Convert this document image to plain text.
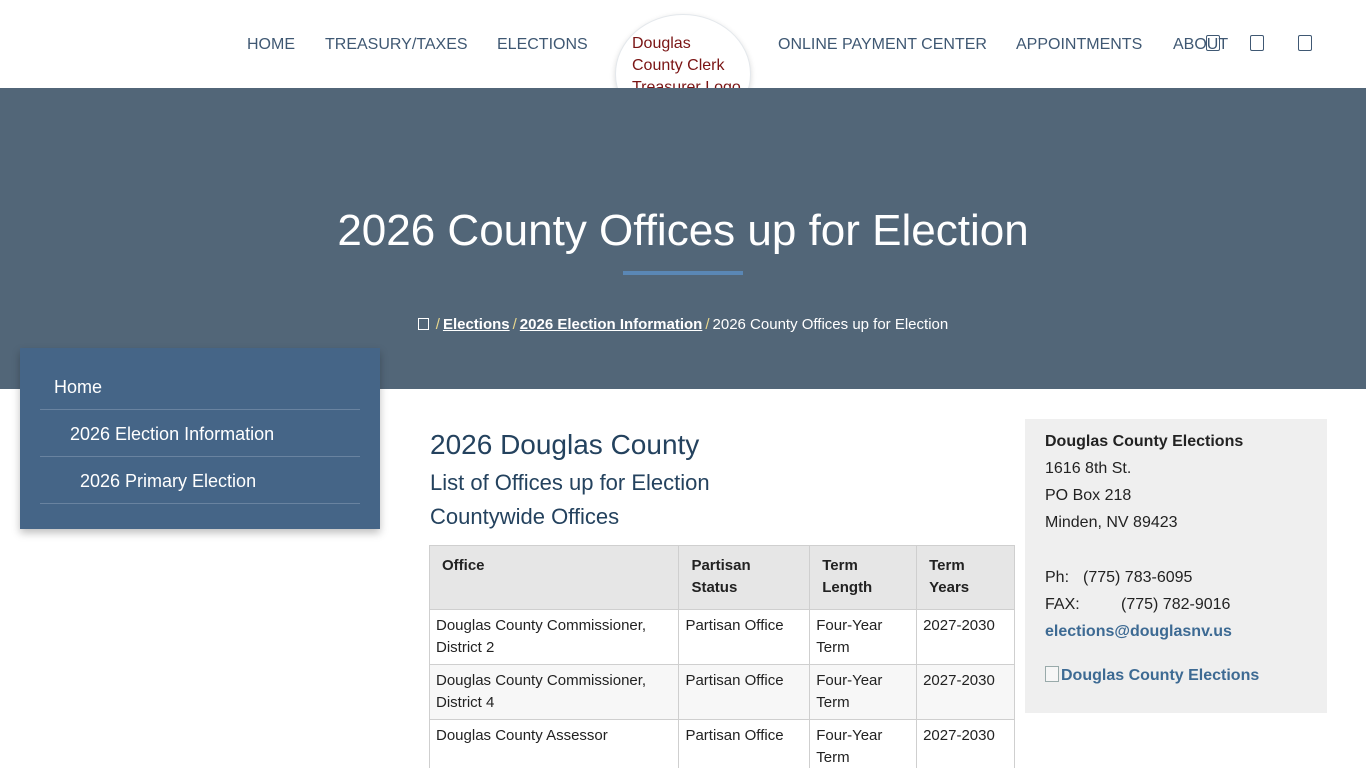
HOME TREASURY/TAXES ELECTIONS	ONLINE PAYMENT CENTER APPOINTMENTS ABOUT
Douglas County Clerk
2026 County Offices up for Election
/ Elections / 2026 Election Information / 2026 County Offices up for Election
Home
2026 Election Information
2026 Primary Election
2026 Douglas County
List of Offices up for Election
Countywide Offices
Office	Partisan Status	Term Length	Term Years
Douglas County Commissioner, District 2	Partisan Office	Four-Year Term	2027-2030
Douglas County Commissioner, District 4	Partisan Office	Four-Year Term	2027-2030
Douglas County Assessor	Partisan Office	Four-Year Term	2027-2030
Douglas County Elections
1616 8th St.
PO Box 218
Minden, NV 89423
Ph: (775) 783-6095
FAX:	(775) 782-9016
elections@douglasnv.us
Douglas County Elections
